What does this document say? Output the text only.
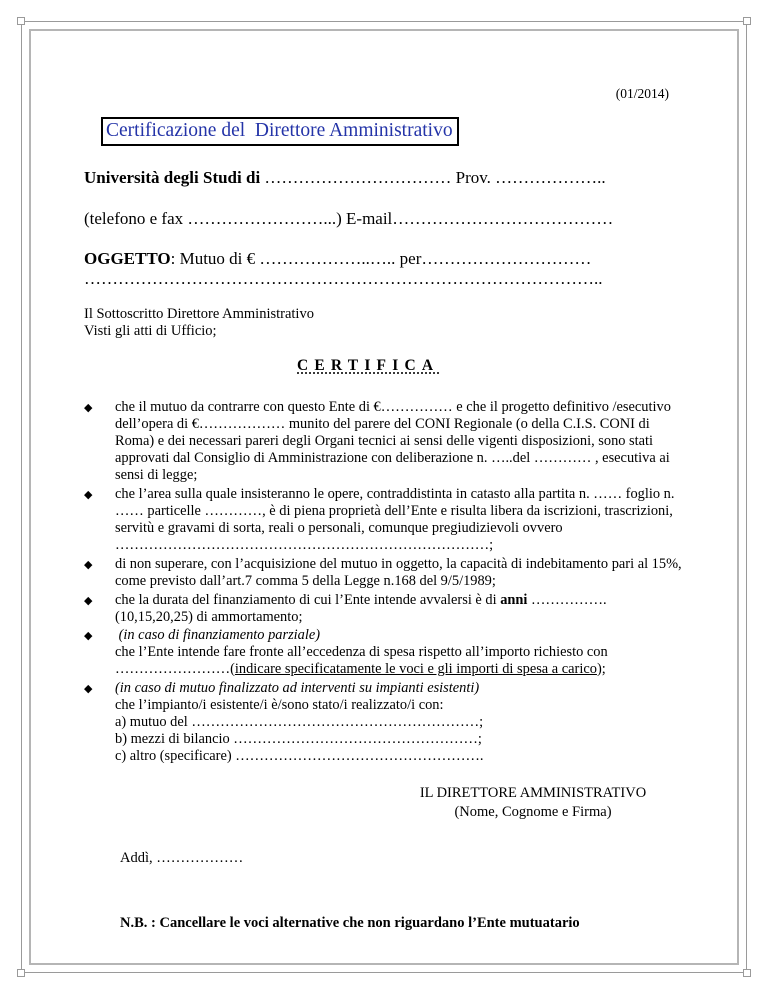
(01/2014)
Certificazione del  Direttore Amministrativo
Università degli Studi di …………………………… Prov. ………………..
(telefono e fax ……………………...) E-mail…………………………………
OGGETTO: Mutuo di € ………………..….. per…………………………
………………………………………………………………………………..
Il Sottoscritto Direttore Amministrativo
Visti gli atti di Ufficio;
CERTIFICA
◆ che il mutuo da contrarre con questo Ente di €…………… e che il progetto definitivo /esecutivo dell’opera di €……………… munito del parere del CONI Regionale (o della C.I.S. CONI di Roma) e dei necessari pareri degli Organi tecnici ai sensi delle vigenti disposizioni, sono stati approvati dal Consiglio di Amministrazione con deliberazione n. …..del ………… , esecutiva ai sensi di legge;
◆ che l’area sulla quale insisteranno le opere, contraddistinta in catasto alla partita n. …… foglio n. …… particelle …………, è di piena proprietà dell’Ente e risulta libera da iscrizioni, trascrizioni, servitù e gravami di sorta, reali o personali, comunque pregiudizievoli ovvero ……………………………………………………………………;
◆ di non superare, con l’acquisizione del mutuo in oggetto, la capacità di indebitamento pari al 15%, come previsto dall’art.7 comma 5 della Legge n.168 del 9/5/1989;
◆ che la durata del finanziamento di cui l’Ente intende avvalersi è di anni ……………. (10,15,20,25) di ammortamento;
◆ (in caso di finanziamento parziale)
che l’Ente intende fare fronte all’eccedenza di spesa rispetto all’importo richiesto con ……………………(indicare specificatamente le voci e gli importi di spesa a carico);
◆ (in caso di mutuo finalizzato ad interventi su impianti esistenti)
che l’impianto/i esistente/i è/sono stato/i realizzato/i con:
a) mutuo del ……………………………………………………;
b) mezzi di bilancio ……………………………………………;
c) altro (specificare) …………………………………………….
IL DIRETTORE AMMINISTRATIVO
(Nome, Cognome e Firma)
Addì, ………………
N.B. : Cancellare le voci alternative che non riguardano l’Ente mutuatario
